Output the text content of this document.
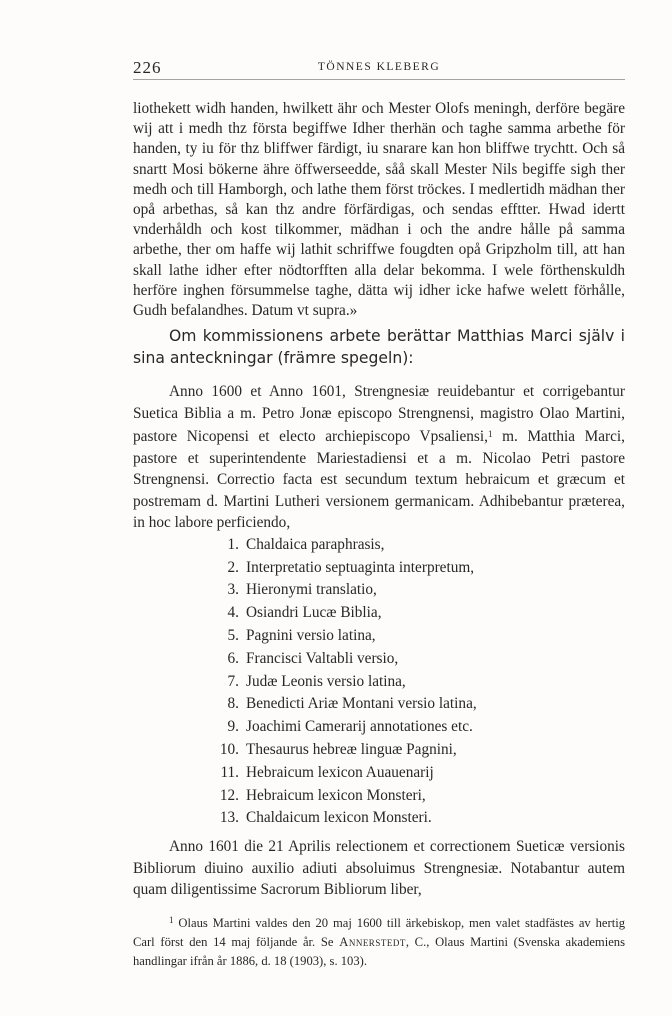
226	TÖNNES KLEBERG

liothekett widh handen, hwilkett ähr och Mester Olofs meningh, derföre begäre wij att i medh thz första begiffwe Idher therhän och taghe samma arbethe för handen, ty iu för thz bliffwer färdigt, iu snarare kan hon bliffwe trychtt. Och så snartt Mosi bökerne ähre öffwerseedde, såå skall Mester Nils begiffe sigh ther medh och till Hamborgh, och lathe them först tröckes. I medlertidh mädhan ther opå arbethas, så kan thz andre förfärdigas, och sendas efftter. Hwad idertt vnderhåldh och kost tilkommer, mädhan i och the andre hålle på samma arbethe, ther om haffe wij lathit schriffwe fougdten opå Gripzholm till, att han skall lathe idher efter nödtorfften alla delar bekomma. I wele förthenskuldh herföre inghen försummelse taghe, dätta wij idher icke hafwe welett förhålle, Gudh befalandhes. Datum vt supra.»

Om kommissionens arbete berättar Matthias Marci själv i sina anteckningar (främre spegeln):

Anno 1600 et Anno 1601, Strengnesiæ reuidebantur et corrigebantur Suetica Biblia a m. Petro Jonæ episcopo Strengnensi, magistro Olao Martini, pastore Nicopensi et electo archiepiscopo Vpsaliensi,$^1$ m. Matthia Marci, pastore et superintendente Mariestadiensi et a m. Nicolao Petri pastore Strengnensi. Correctio facta est secundum textum hebraicum et græcum et postremam d. Martini Lutheri versionem germanicam. Adhibebantur præterea, in hoc labore perficiendo,

1. Chaldaica paraphrasis,
2. Interpretatio septuaginta interpretum,
3. Hieronymi translatio,
4. Osiandri Lucæ Biblia,
5. Pagnini versio latina,
6. Francisci Valtabli versio,
7. Judæ Leonis versio latina,
8. Benedicti Ariæ Montani versio latina,
9. Joachimi Camerarij annotationes etc.
10. Thesaurus hebreæ linguæ Pagnini,
11. Hebraicum lexicon Auauenarij
12. Hebraicum lexicon Monsteri,
13. Chaldaicum lexicon Monsteri.

Anno 1601 die 21 Aprilis relectionem et correctionem Sueticæ versionis Bibliorum diuino auxilio adiuti absoluimus Strengnesiæ. Notabantur autem quam diligentissime Sacrorum Bibliorum liber,

$^1$ Olaus Martini valdes den 20 maj 1600 till ärkebiskop, men valet stadfästes av hertig Carl först den 14 maj följande år. Se Annerstedt, C., Olaus Martini (Svenska akademiens handlingar ifrån år 1886, d. 18 (1903), s. 103).
